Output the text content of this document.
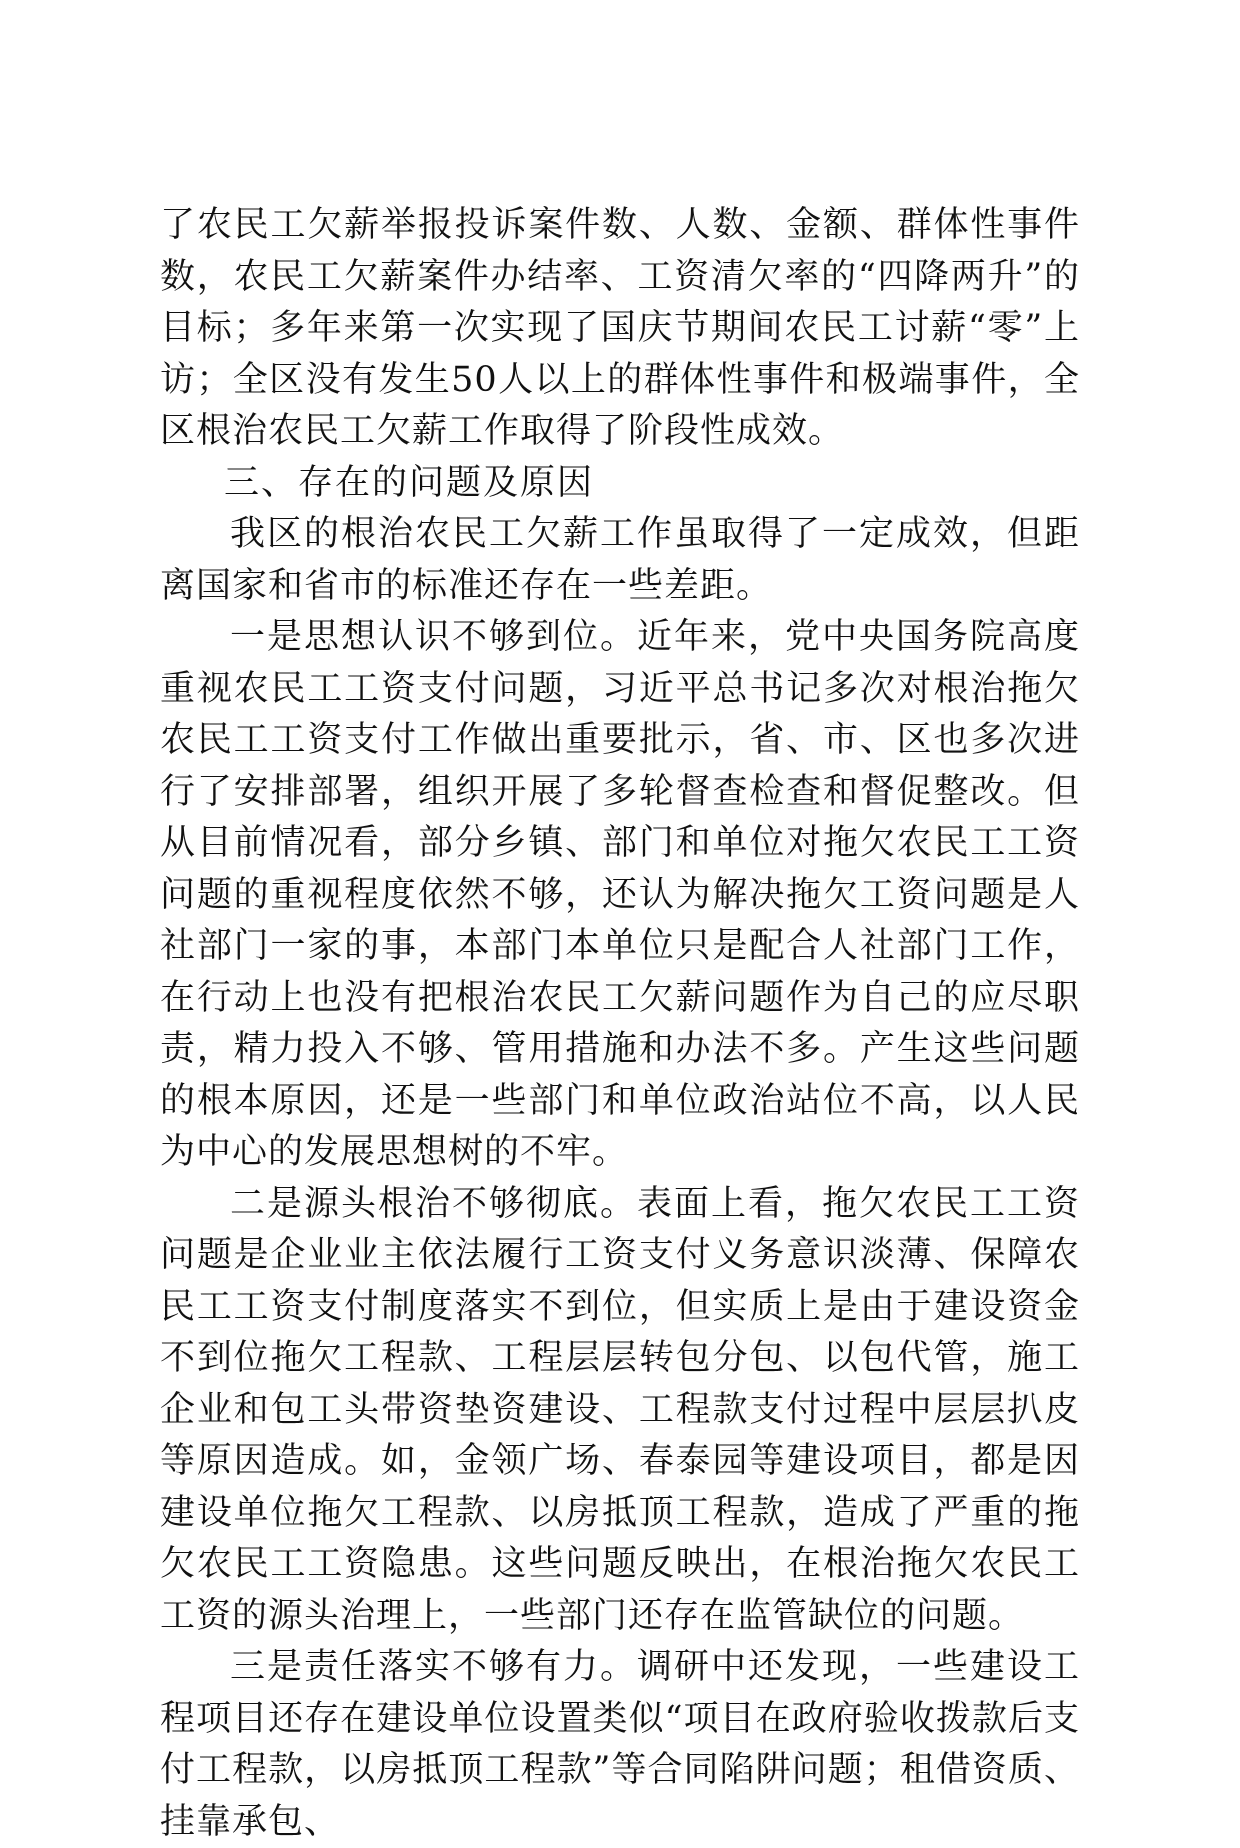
了农民工欠薪举报投诉案件数、人数、金额、群体性事件数，农民工欠薪案件办结率、工资清欠率的“四降两升”的目标；多年来第一次实现了国庆节期间农民工讨薪“零”上访；全区没有发生50人以上的群体性事件和极端事件，全区根治农民工欠薪工作取得了阶段性成效。

三、存在的问题及原因

我区的根治农民工欠薪工作虽取得了一定成效，但距离国家和省市的标准还存在一些差距。

一是思想认识不够到位。近年来，党中央国务院高度重视农民工工资支付问题，习近平总书记多次对根治拖欠农民工工资支付工作做出重要批示，省、市、区也多次进行了安排部署，组织开展了多轮督查检查和督促整改。但从目前情况看，部分乡镇、部门和单位对拖欠农民工工资问题的重视程度依然不够，还认为解决拖欠工资问题是人社部门一家的事，本部门本单位只是配合人社部门工作，在行动上也没有把根治农民工欠薪问题作为自己的应尽职责，精力投入不够、管用措施和办法不多。产生这些问题的根本原因，还是一些部门和单位政治站位不高，以人民为中心的发展思想树的不牢。

二是源头根治不够彻底。表面上看，拖欠农民工工资问题是企业业主依法履行工资支付义务意识淡薄、保障农民工工资支付制度落实不到位，但实质上是由于建设资金不到位拖欠工程款、工程层层转包分包、以包代管，施工企业和包工头带资垫资建设、工程款支付过程中层层扒皮等原因造成。如，金领广场、春泰园等建设项目，都是因建设单位拖欠工程款、以房抵顶工程款，造成了严重的拖欠农民工工资隐患。这些问题反映出，在根治拖欠农民工工资的源头治理上，一些部门还存在监管缺位的问题。

三是责任落实不够有力。调研中还发现，一些建设工程项目还存在建设单位设置类似“项目在政府验收拨款后支付工程款，以房抵顶工程款”等合同陷阱问题；租借资质、挂靠承包、
